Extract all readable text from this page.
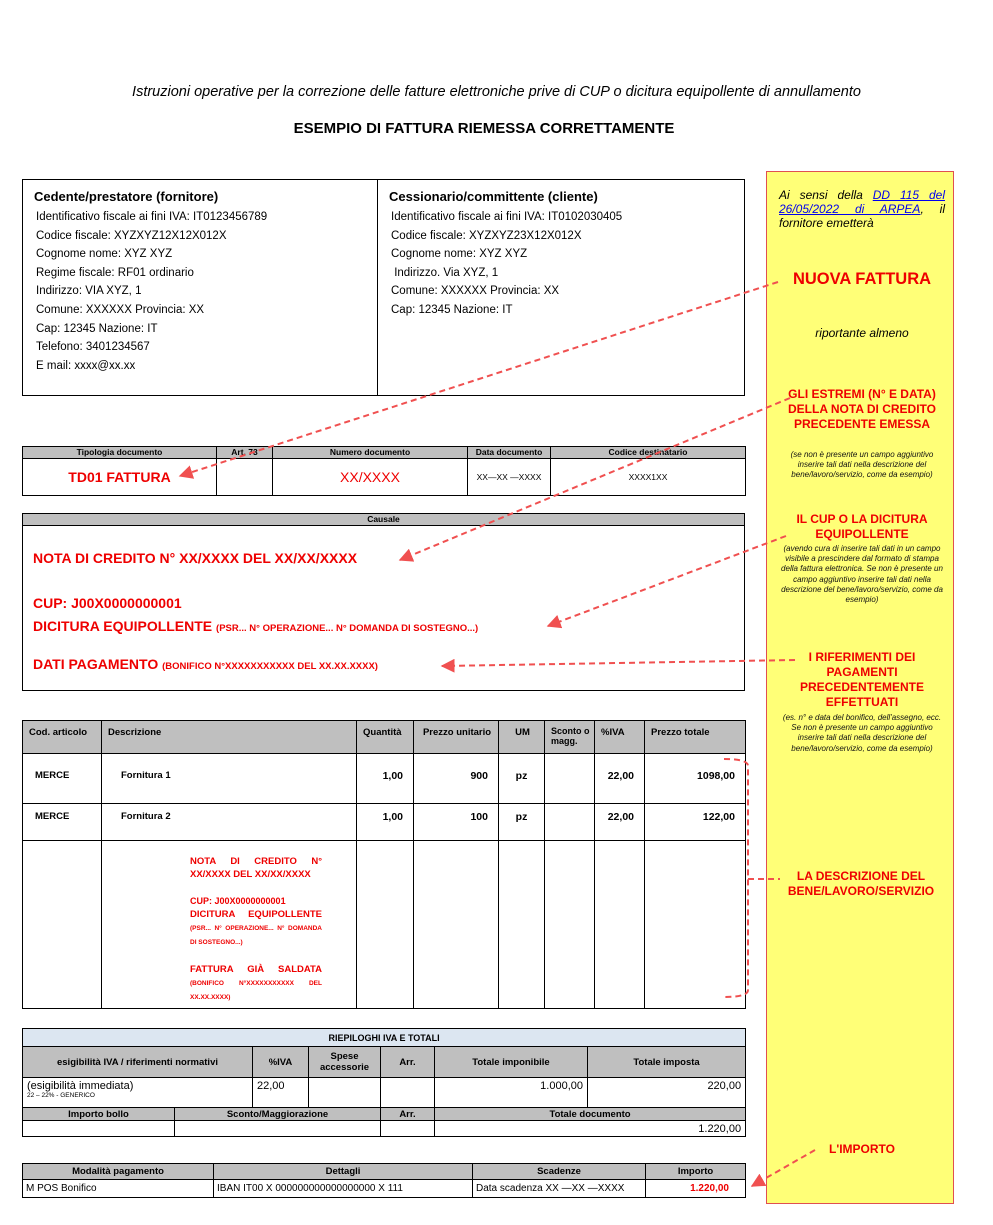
Istruzioni operative per la correzione delle fatture elettroniche prive di CUP o dicitura equipollente di annullamento
ESEMPIO DI FATTURA RIEMESSA CORRETTAMENTE
Cedente/prestatore (fornitore)
Identificativo fiscale ai fini IVA: IT0123456789
Codice fiscale: XYZXYZ12X12X012X
Cognome nome: XYZ XYZ
Regime fiscale: RF01 ordinario
Indirizzo: VIA XYZ, 1
Comune: XXXXXX Provincia: XX
Cap: 12345 Nazione: IT
Telefono: 3401234567
E mail: xxxx@xx.xx
Cessionario/committente (cliente)
Identificativo fiscale ai fini IVA: IT0102030405
Codice fiscale: XYZXYZ23X12X012X
Cognome nome: XYZ XYZ
Indirizzo. Via XYZ, 1
Comune: XXXXXX Provincia: XX
Cap: 12345 Nazione: IT
Tipologia documento	Art. 73	Numero documento	Data documento	Codice destinatario
TD01 FATTURA		XX/XXXX	XX—XX —XXXX	XXXX1XX
Causale
NOTA DI CREDITO N° XX/XXXX DEL XX/XX/XXXX
CUP: J00X0000000001
DICITURA EQUIPOLLENTE (PSR... N° OPERAZIONE... N° DOMANDA DI SOSTEGNO...)
DATI PAGAMENTO (BONIFICO N°XXXXXXXXXXX DEL XX.XX.XXXX)
Cod. articolo	Descrizione	Quantità	Prezzo unitario	UM	Sconto o magg.	%IVA	Prezzo totale
MERCE	Fornitura 1	1,00	900	pz		22,00	1098,00
MERCE	Fornitura 2	1,00	100	pz		22,00	122,00

	NOTA DI CREDITO N° XX/XXXX DEL XX/XX/XXXX
CUP: J00X0000000001
DICITURA EQUIPOLLENTE (PSR... N° OPERAZIONE... N° DOMANDA DI SOSTEGNO...)
FATTURA GIÀ SALDATA (BONIFICO N°XXXXXXXXXXX DEL XX.XX.XXXX)						

RIEPILOGHI IVA E TOTALI						
esigibilità IVA / riferimenti normativi		%IVA	Spese accessorie	Arr.	Totale imponibile	Totale imposta

(esigibilità immediata)
22 – 22% - GENERICO		22,00			1.000,00	220,00
Importo bollo	Sconto/Maggiorazione			Arr.	Totale documento	
					1.220,00	
Modalità pagamento	Dettagli	Scadenze	Importo
M POS Bonifico	IBAN IT00 X 000000000000000000 X 111	Data scadenza XX —XX —XXXX	1.220,00

Ai sensi della DD 115 del 26/05/2022 di ARPEA, il fornitore emetterà

NUOVA FATTURA

riportante almeno

GLI ESTREMI (N° E DATA) DELLA NOTA DI CREDITO PRECEDENTE EMESSA

(se non è presente un campo aggiuntivo inserire tali dati nella descrizione del bene/lavoro/servizio, come da esempio)

IL CUP O LA DICITURA EQUIPOLLENTE

(avendo cura di inserire tali dati in un campo visibile a prescindere dal formato di stampa della fattura elettronica. Se non è presente un campo aggiuntivo inserire tali dati nella descrizione del bene/lavoro/servizio, come da esempio)

I RIFERIMENTI DEI PAGAMENTI PRECEDENTEMENTE EFFETTUATI

(es. n° e data del bonifico, dell'assegno, ecc. Se non è presente un campo aggiuntivo inserire tali dati nella descrizione del bene/lavoro/servizio, come da esempio)

LA DESCRIZIONE DEL BENE/LAVORO/SERVIZIO

L'IMPORTO
